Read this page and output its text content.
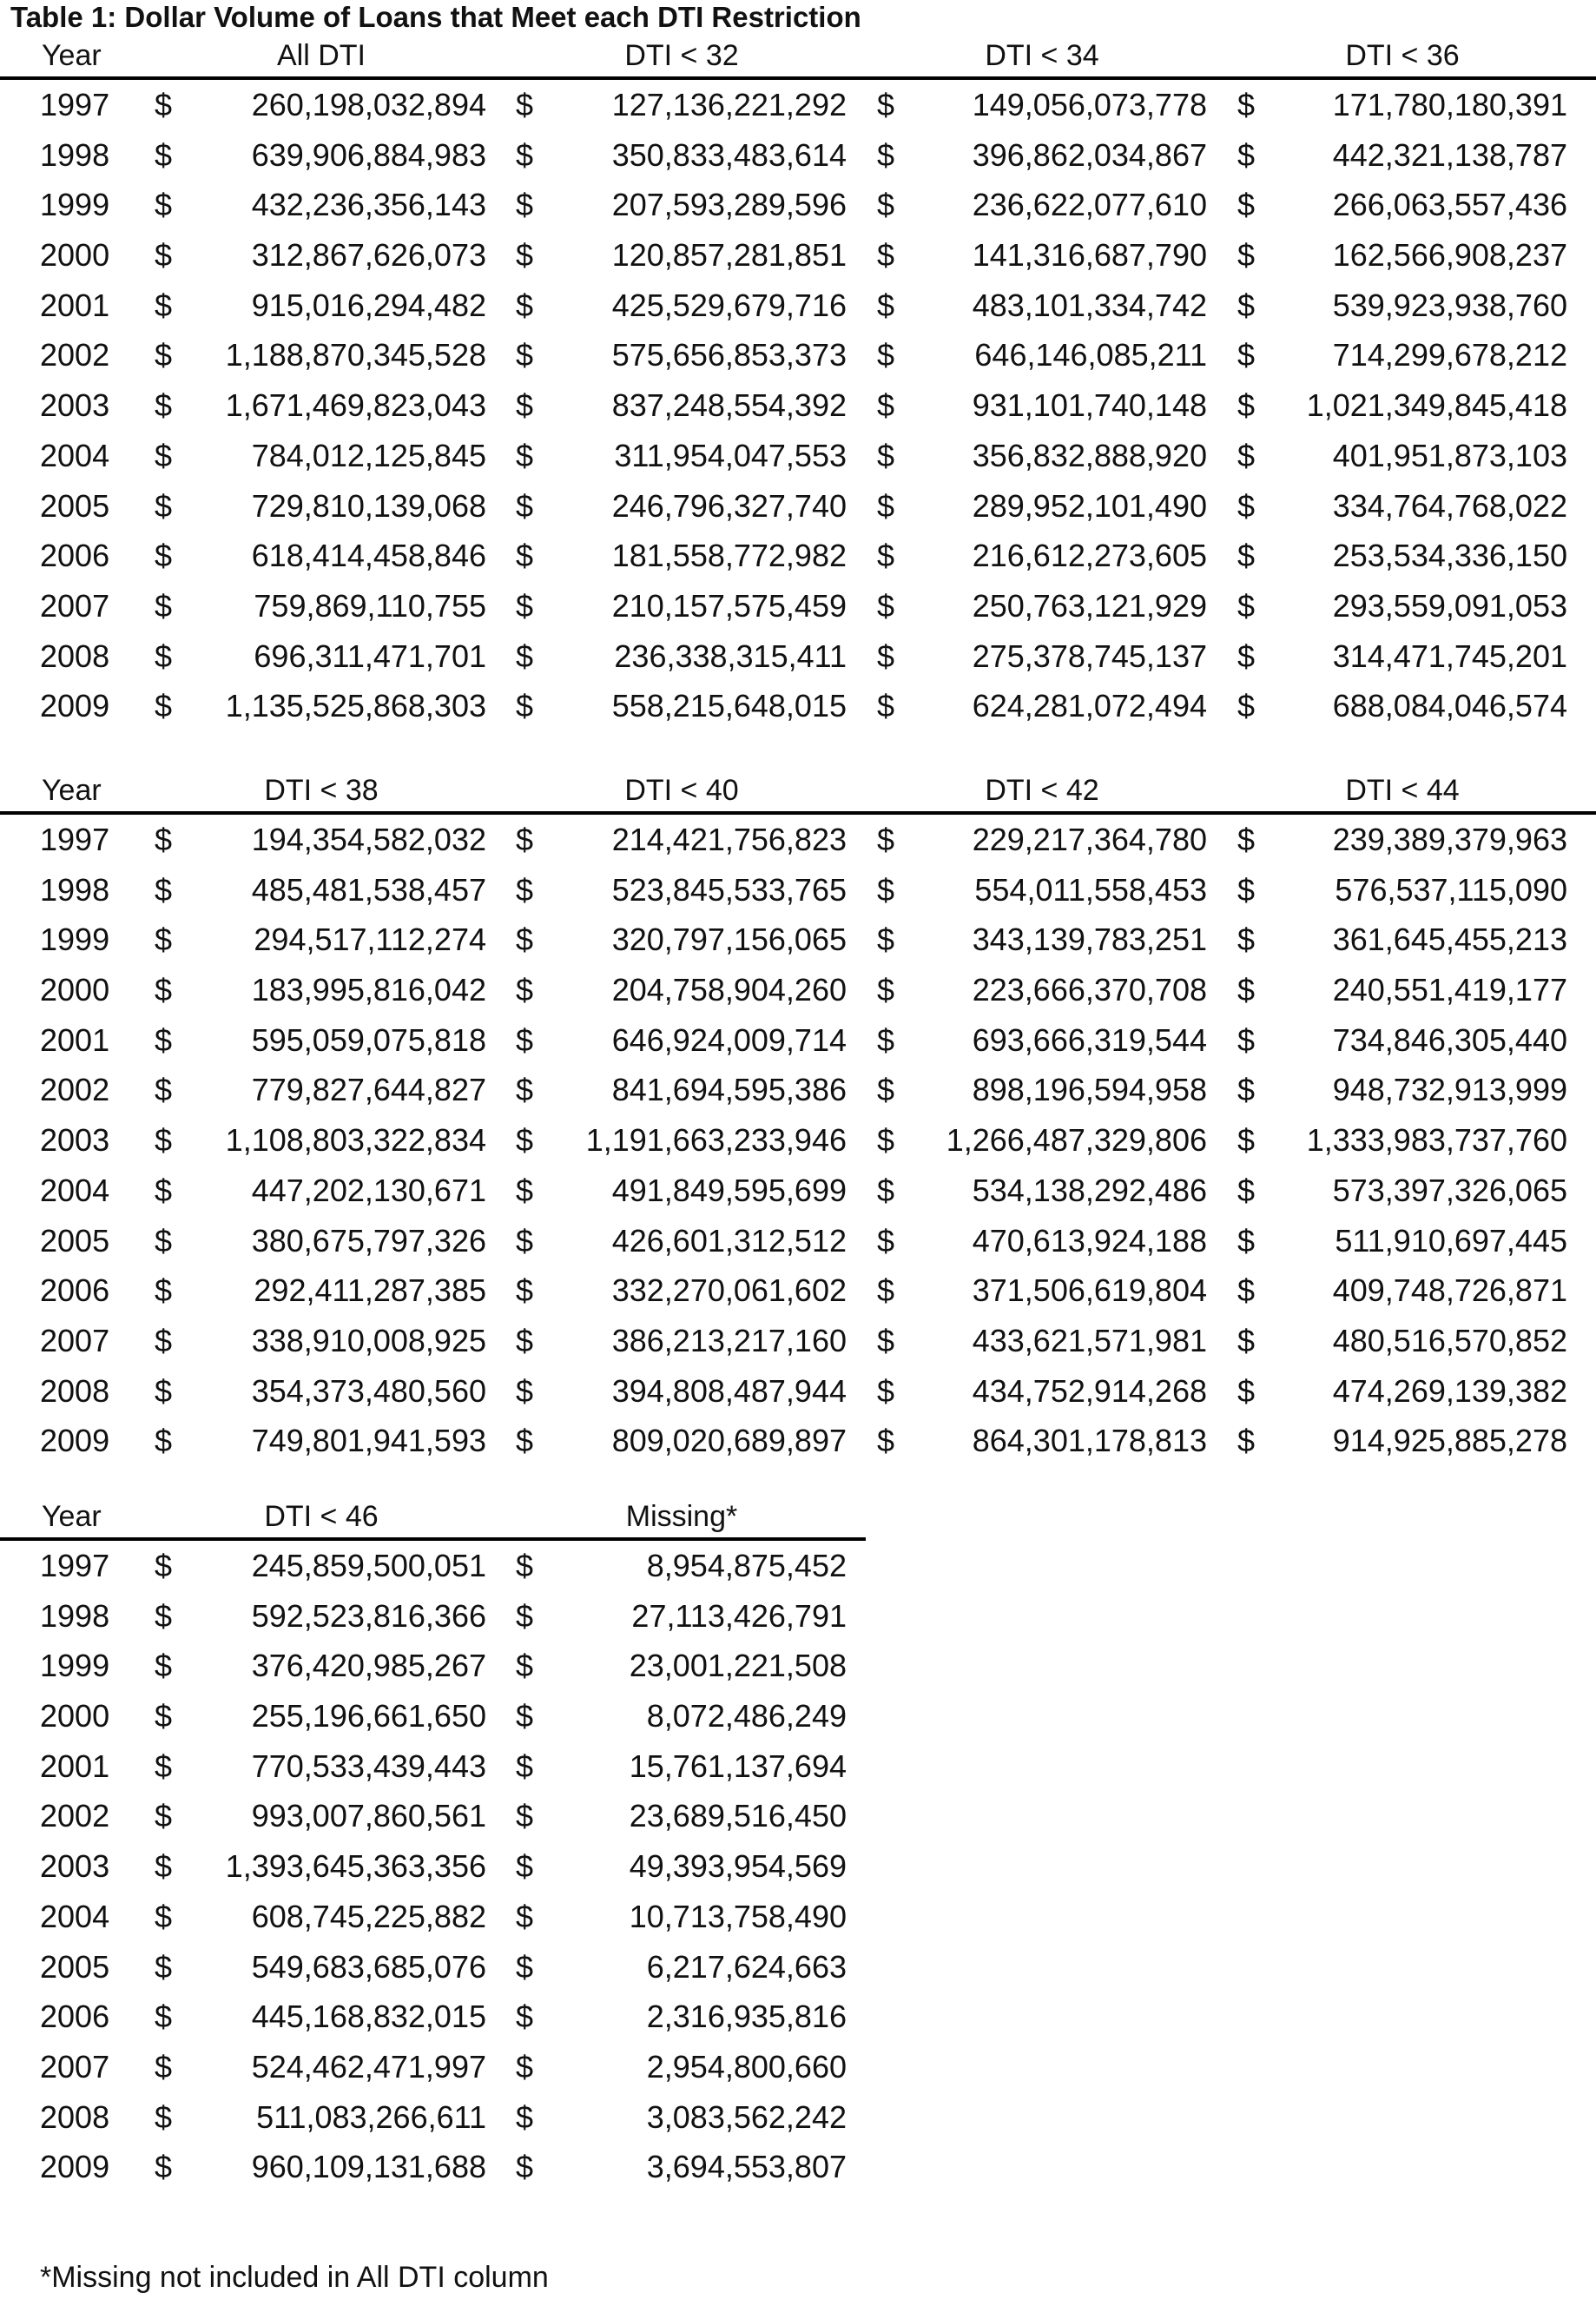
Table 1: Dollar Volume of Loans that Meet each DTI Restriction
Year	All DTI	DTI < 32	DTI < 34	DTI < 36
1997	$	260,198,032,894 $	127,136,221,292 $	149,056,073,778 $	171,780,180,391
1998	$	639,906,884,983 $	350,833,483,614 $	396,862,034,867 $	442,321,138,787
1999	$	432,236,356,143 $	207,593,289,596 $	236,622,077,610 $	266,063,557,436
2000	$	312,867,626,073 $	120,857,281,851 $	141,316,687,790 $	162,566,908,237
2001	$	915,016,294,482 $	425,529,679,716 $	483,101,334,742 $	539,923,938,760
2002	$	1,188,870,345,528 $	575,656,853,373 $	646,146,085,211 $	714,299,678,212
2003	$	1,671,469,823,043 $	837,248,554,392 $	931,101,740,148 $	1,021,349,845,418
2004	$	784,012,125,845 $	311,954,047,553 $	356,832,888,920 $	401,951,873,103
2005	$	729,810,139,068 $	246,796,327,740 $	289,952,101,490 $	334,764,768,022
2006	$	618,414,458,846 $	181,558,772,982 $	216,612,273,605 $	253,534,336,150
2007	$	759,869,110,755 $	210,157,575,459 $	250,763,121,929 $	293,559,091,053
2008	$	696,311,471,701 $	236,338,315,411 $	275,378,745,137 $	314,471,745,201
2009	$	1,135,525,868,303 $	558,215,648,015 $	624,281,072,494 $	688,084,046,574
Year	DTI < 38	DTI < 40	DTI < 42	DTI < 44
1997	$	194,354,582,032 $	214,421,756,823 $	229,217,364,780 $	239,389,379,963
1998	$	485,481,538,457 $	523,845,533,765 $	554,011,558,453 $	576,537,115,090
1999	$	294,517,112,274 $	320,797,156,065 $	343,139,783,251 $	361,645,455,213
2000	$	183,995,816,042 $	204,758,904,260 $	223,666,370,708 $	240,551,419,177
2001	$	595,059,075,818 $	646,924,009,714 $	693,666,319,544 $	734,846,305,440
2002	$	779,827,644,827 $	841,694,595,386 $	898,196,594,958 $	948,732,913,999
2003	$	1,108,803,322,834 $	1,191,663,233,946 $	1,266,487,329,806 $	1,333,983,737,760
2004	$	447,202,130,671 $	491,849,595,699 $	534,138,292,486 $	573,397,326,065
2005	$	380,675,797,326 $	426,601,312,512 $	470,613,924,188 $	511,910,697,445
2006	$	292,411,287,385 $	332,270,061,602 $	371,506,619,804 $	409,748,726,871
2007	$	338,910,008,925 $	386,213,217,160 $	433,621,571,981 $	480,516,570,852
2008	$	354,373,480,560 $	394,808,487,944 $	434,752,914,268 $	474,269,139,382
2009	$	749,801,941,593 $	809,020,689,897 $	864,301,178,813 $	914,925,885,278
Year	DTI < 46	Missing*
1997	$	245,859,500,051 $	8,954,875,452
1998	$	592,523,816,366 $	27,113,426,791
1999	$	376,420,985,267 $	23,001,221,508
2000	$	255,196,661,650 $	8,072,486,249
2001	$	770,533,439,443 $	15,761,137,694
2002	$	993,007,860,561 $	23,689,516,450
2003	$	1,393,645,363,356 $	49,393,954,569
2004	$	608,745,225,882 $	10,713,758,490
2005	$	549,683,685,076 $	6,217,624,663
2006	$	445,168,832,015 $	2,316,935,816
2007	$	524,462,471,997 $	2,954,800,660
2008	$	511,083,266,611 $	3,083,562,242
2009	$	960,109,131,688 $	3,694,553,807
*Missing not included in All DTI column
